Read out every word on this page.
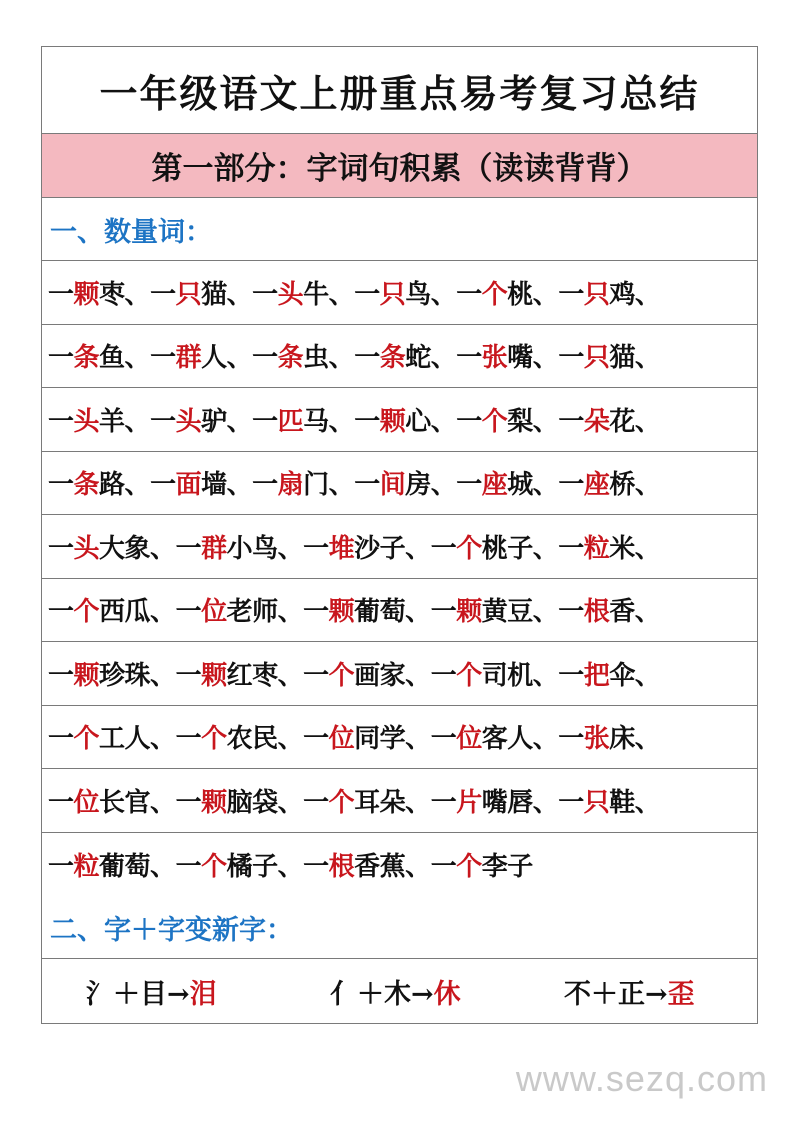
一年级语文上册重点易考复习总结
第一部分：字词句积累（读读背背）
一、数量词：
一颗枣、 一只猫、 一头牛、 一只鸟、 一个桃、 一只鸡、
一条鱼、 一群人、 一条虫、 一条蛇、 一张嘴、 一只猫、
一头羊、 一头驴、 一匹马、 一颗心、 一个梨、 一朵花、
一条路、 一面墙、 一扇门、 一间房、 一座城、 一座桥、
一头大象、 一群小鸟、 一堆沙子、 一个桃子、 一粒米、
一个西瓜、 一位老师、 一颗葡萄、 一颗黄豆、 一根香、
一颗珍珠、 一颗红枣、 一个画家、 一个司机、 一把伞、
一个工人、 一个农民、 一位同学、 一位客人、 一张床、
一位长官、 一颗脑袋、 一个耳朵、 一片嘴唇、 一只鞋、
一粒葡萄、 一个橘子、 一根香蕉、 一个李子
二、字＋字变新字：
氵＋目→泪	亻＋木→休	不＋正→歪
www.sezq.com
